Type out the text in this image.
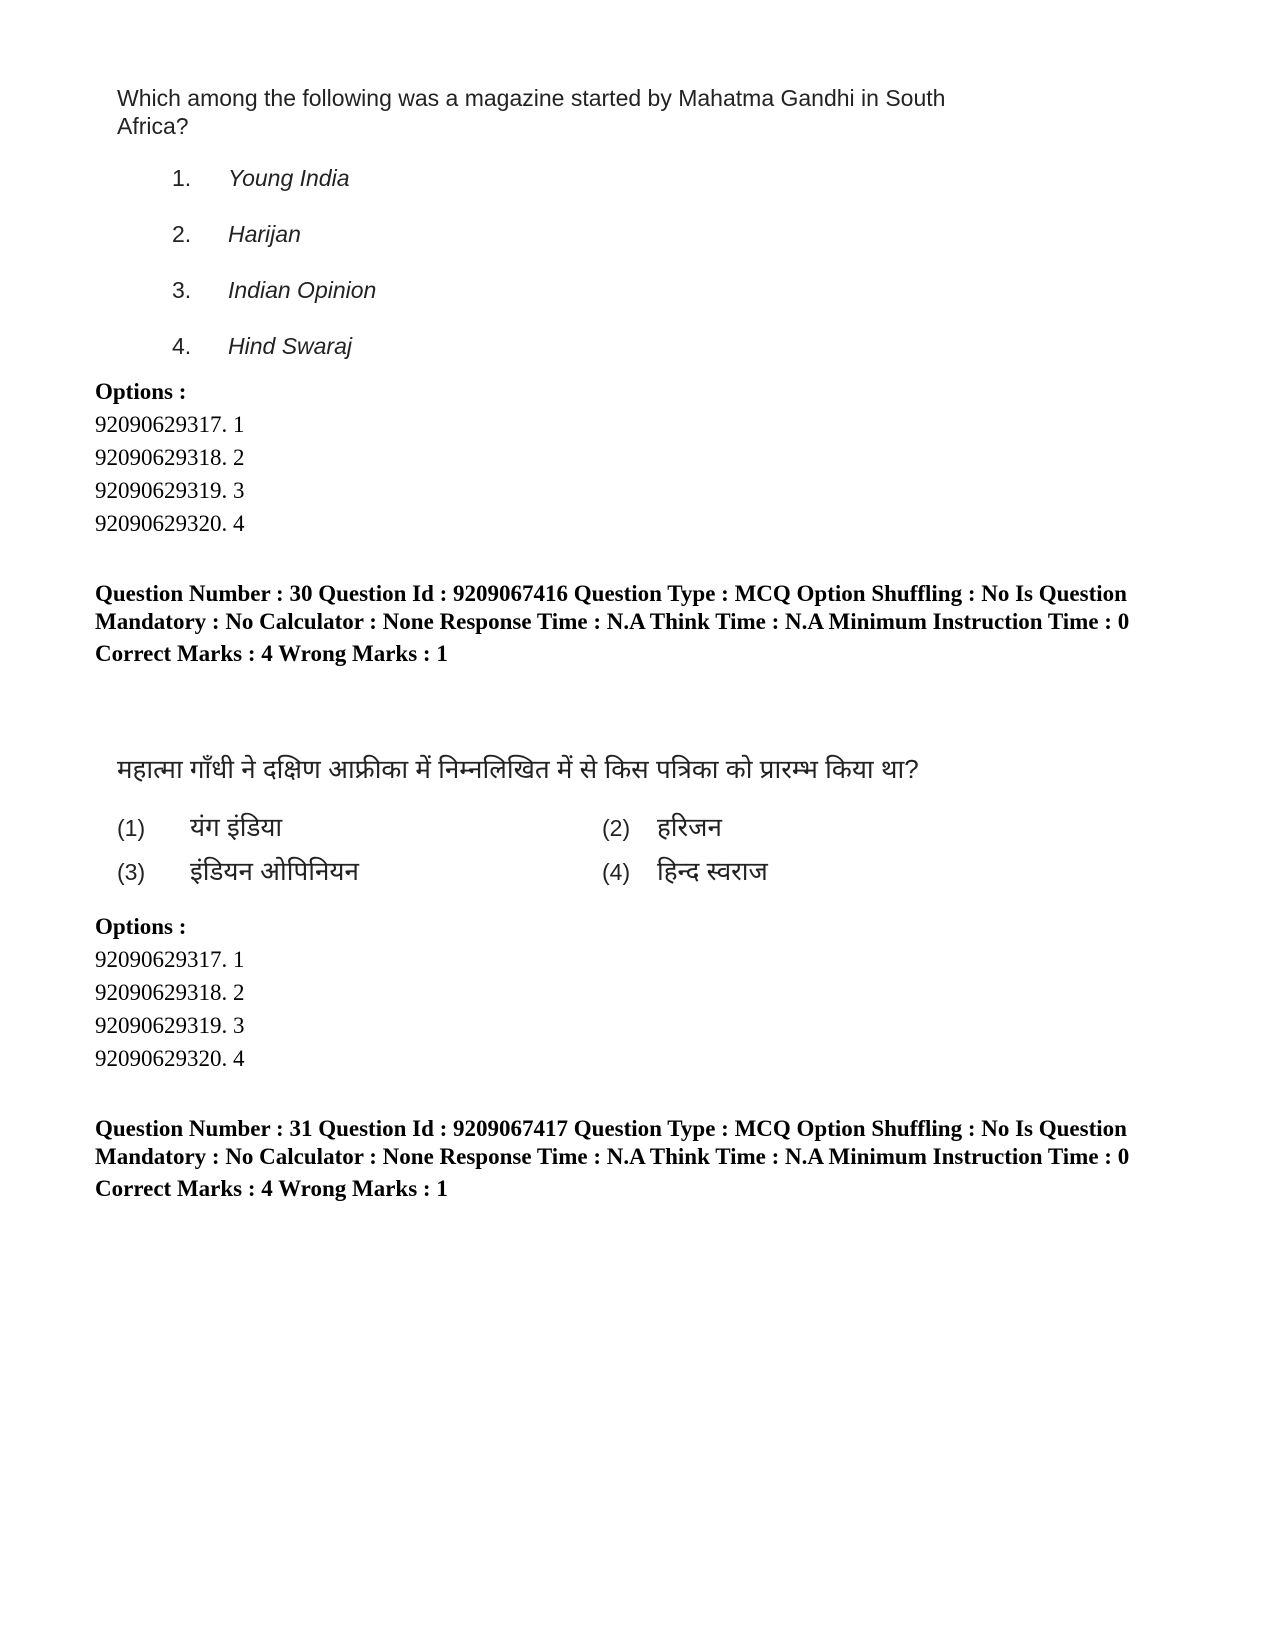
Which among the following was a magazine started by Mahatma Gandhi in South Africa?
1.	Young India
2.	Harijan
3.	Indian Opinion
4.	Hind Swaraj
Options :
92090629317. 1
92090629318. 2
92090629319. 3
92090629320. 4
Question Number : 30 Question Id : 9209067416 Question Type : MCQ Option Shuffling : No Is Question Mandatory : No Calculator : None Response Time : N.A Think Time : N.A Minimum Instruction Time : 0
Correct Marks : 4 Wrong Marks : 1
महात्मा गाँधी ने दक्षिण आफ्रीका में निम्नलिखित में से किस पत्रिका को प्रारम्भ किया था?
(1)	यंग इंडिया	(2)	हरिजन
(3)	इंडियन ओपिनियन	(4)	हिन्द स्वराज
Options :
92090629317. 1
92090629318. 2
92090629319. 3
92090629320. 4
Question Number : 31 Question Id : 9209067417 Question Type : MCQ Option Shuffling : No Is Question Mandatory : No Calculator : None Response Time : N.A Think Time : N.A Minimum Instruction Time : 0
Correct Marks : 4 Wrong Marks : 1
